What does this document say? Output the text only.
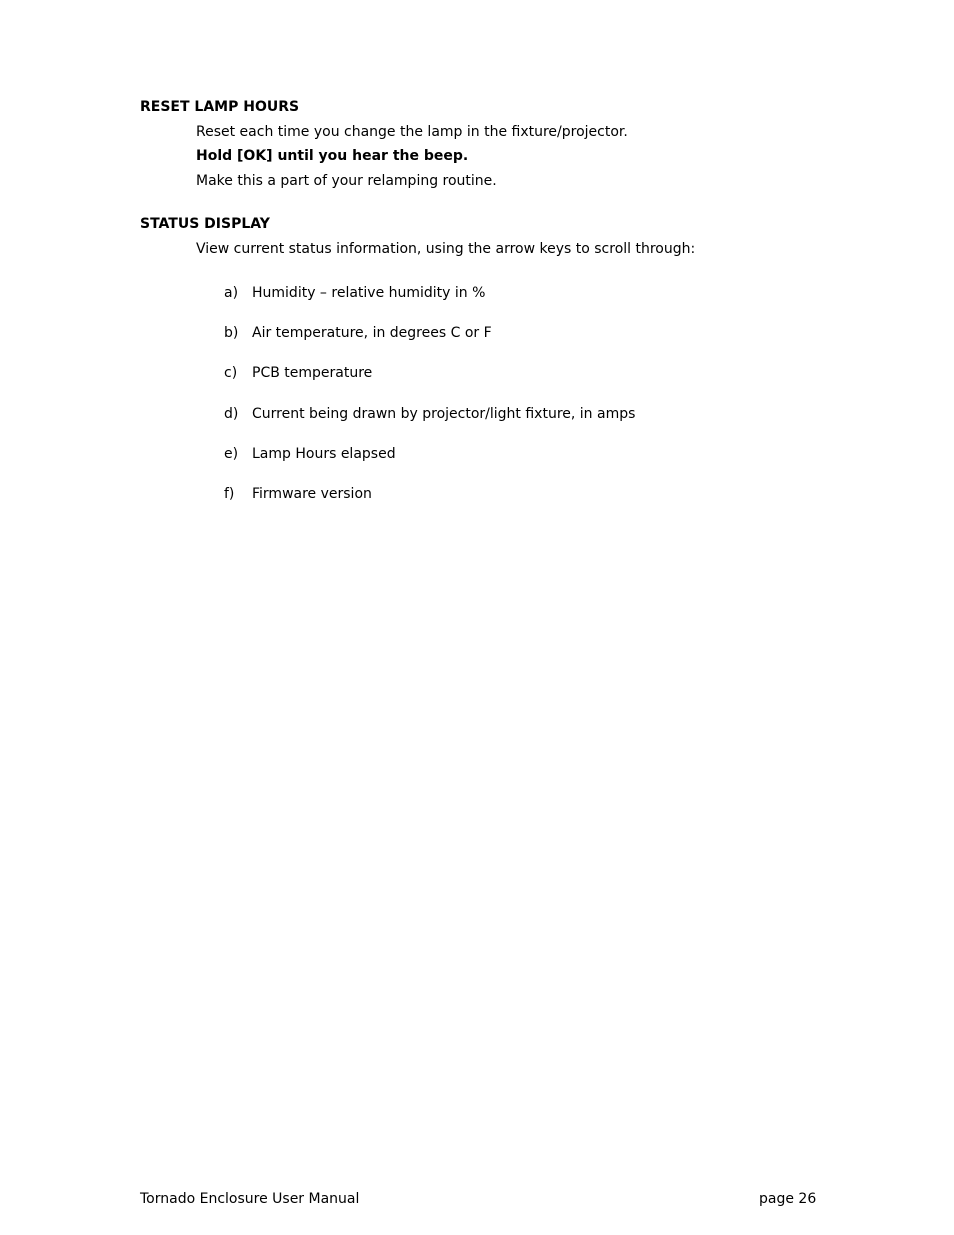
RESET LAMP HOURS

Reset each time you change the lamp in the fixture/projector.

Hold [OK] until you hear the beep.

Make this a part of your relamping routine.

STATUS DISPLAY

View current status information, using the arrow keys to scroll through:

a) Humidity – relative humidity in %
b) Air temperature, in degrees C or F
c) PCB temperature
d) Current being drawn by projector/light fixture, in amps
e) Lamp Hours elapsed
f) Firmware version
Tornado Enclosure User Manual	page 26
